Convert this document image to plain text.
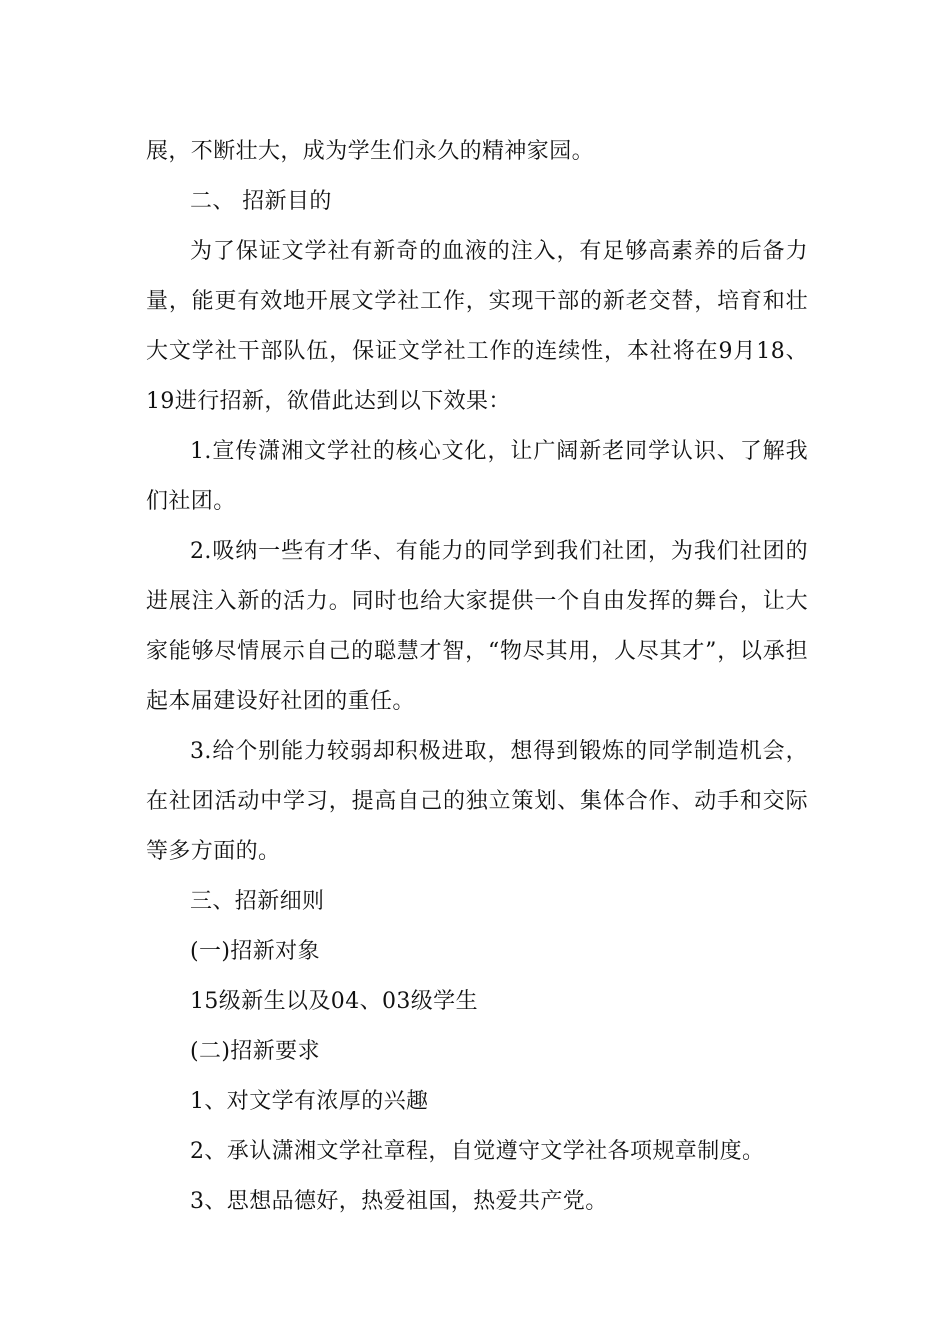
展，不断壮大，成为学生们永久的精神家园。

二、 招新目的

为了保证文学社有新奇的血液的注入，有足够高素养的后备力量，能更有效地开展文学社工作，实现干部的新老交替，培育和壮大文学社干部队伍，保证文学社工作的连续性，本社将在9月18、19进行招新，欲借此达到以下效果：

1.宣传潇湘文学社的核心文化，让广阔新老同学认识、了解我们社团。

2.吸纳一些有才华、有能力的同学到我们社团，为我们社团的进展注入新的活力。同时也给大家提供一个自由发挥的舞台，让大家能够尽情展示自己的聪慧才智，“物尽其用，人尽其才”，以承担起本届建设好社团的重任。

3.给个别能力较弱却积极进取，想得到锻炼的同学制造机会，在社团活动中学习，提高自己的独立策划、集体合作、动手和交际等多方面的。

三、招新细则

(一)招新对象

15级新生以及04、03级学生

(二)招新要求

1、对文学有浓厚的兴趣

2、承认潇湘文学社章程，自觉遵守文学社各项规章制度。

3、思想品德好，热爱祖国，热爱共产党。
